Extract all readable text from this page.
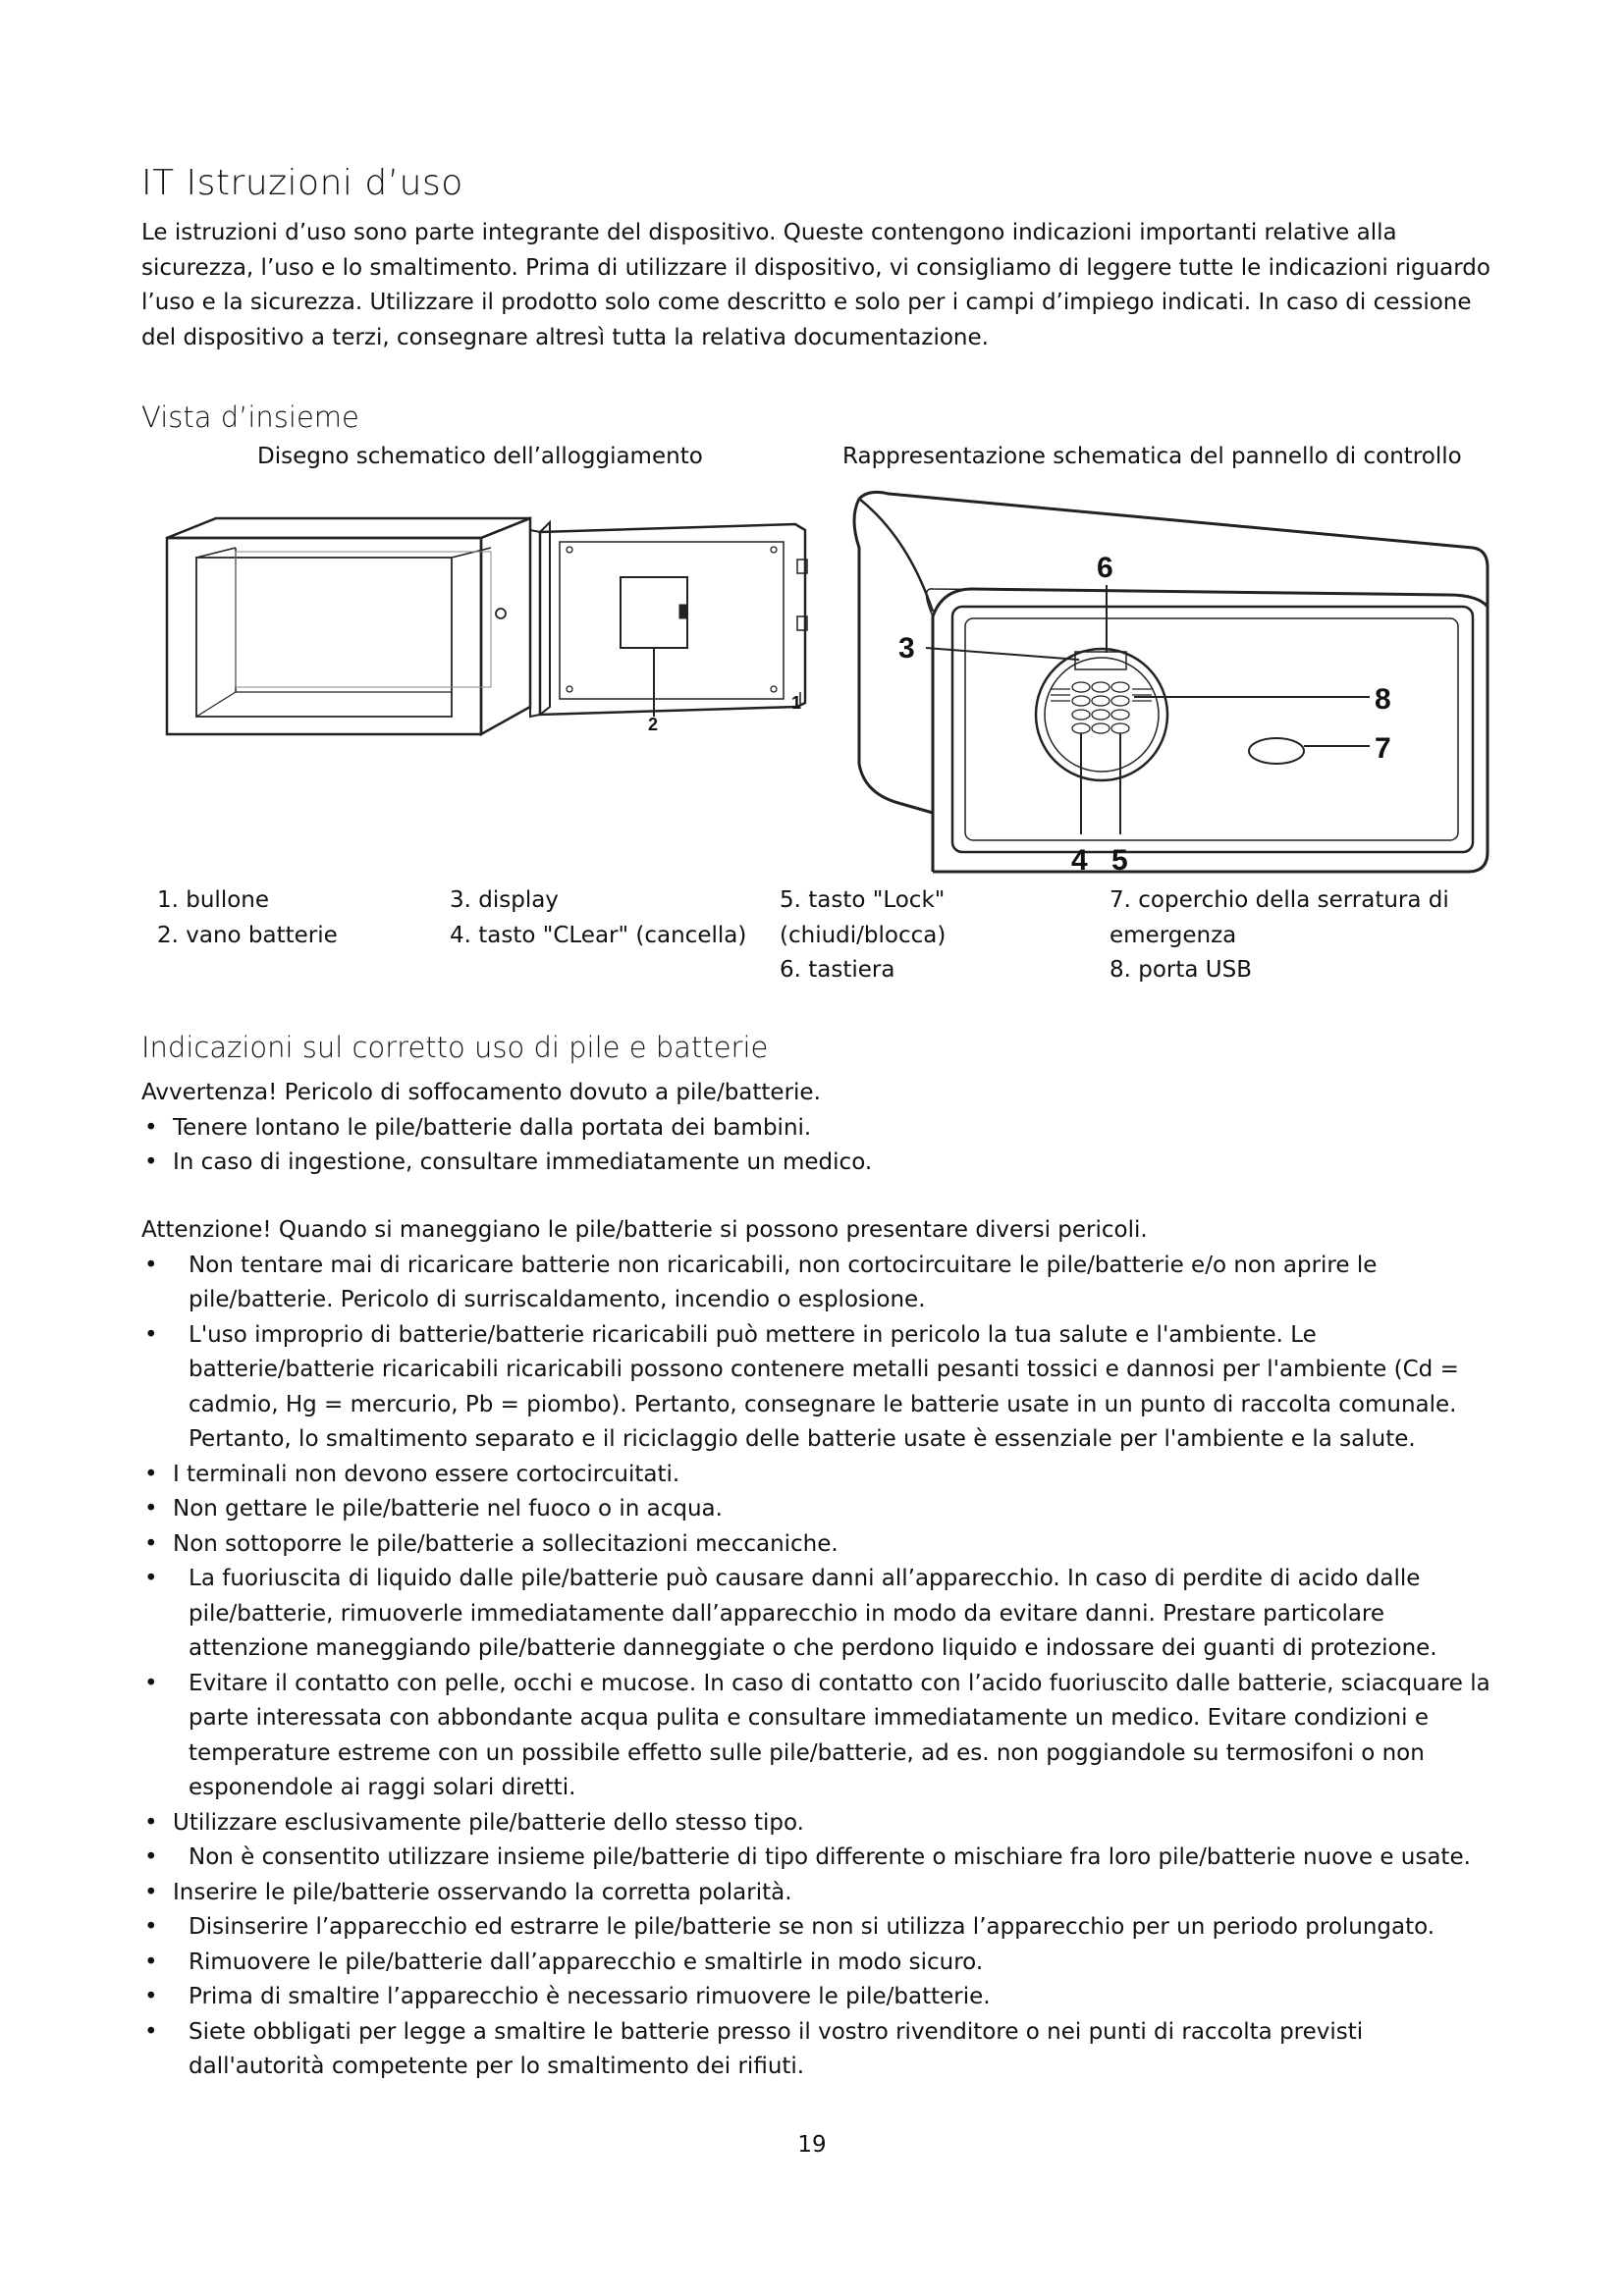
IT Istruzioni d’uso
Le istruzioni d’uso sono parte integrante del dispositivo. Queste contengono indicazioni importanti relative alla sicurezza, l’uso e lo smaltimento. Prima di utilizzare il dispositivo, vi consigliamo di leggere tutte le indicazioni riguardo l’uso e la sicurezza. Utilizzare il prodotto solo come descritto e solo per i campi d’impiego indicati. In caso di cessione del dispositivo a terzi, consegnare altresì tutta la relativa documentazione.
Vista d’insieme
Disegno schematico dell’alloggiamento	Rappresentazione schematica del pannello di controllo
2
1
6
3
8
7
4 5
1. bullone
2. vano batterie
3. display
4. tasto "CLear" (cancella)
5. tasto "Lock"
(chiudi/blocca)
6. tastiera
7. coperchio della serratura di
emergenza
8. porta USB
Indicazioni sul corretto uso di pile e batterie
Avvertenza! Pericolo di soffocamento dovuto a pile/batterie.
• Tenere lontano le pile/batterie dalla portata dei bambini.
• In caso di ingestione, consultare immediatamente un medico.
Attenzione! Quando si maneggiano le pile/batterie si possono presentare diversi pericoli.
• Non tentare mai di ricaricare batterie non ricaricabili, non cortocircuitare le pile/batterie e/o non aprire le pile/batterie. Pericolo di surriscaldamento, incendio o esplosione.
• L'uso improprio di batterie/batterie ricaricabili può mettere in pericolo la tua salute e l'ambiente. Le batterie/batterie ricaricabili ricaricabili possono contenere metalli pesanti tossici e dannosi per l'ambiente (Cd = cadmio, Hg = mercurio, Pb = piombo). Pertanto, consegnare le batterie usate in un punto di raccolta comunale. Pertanto, lo smaltimento separato e il riciclaggio delle batterie usate è essenziale per l'ambiente e la salute.
• I terminali non devono essere cortocircuitati.
• Non gettare le pile/batterie nel fuoco o in acqua.
• Non sottoporre le pile/batterie a sollecitazioni meccaniche.
• La fuoriuscita di liquido dalle pile/batterie può causare danni all’apparecchio. In caso di perdite di acido dalle pile/batterie, rimuoverle immediatamente dall’apparecchio in modo da evitare danni. Prestare particolare attenzione maneggiando pile/batterie danneggiate o che perdono liquido e indossare dei guanti di protezione.
• Evitare il contatto con pelle, occhi e mucose. In caso di contatto con l’acido fuoriuscito dalle batterie, sciacquare la parte interessata con abbondante acqua pulita e consultare immediatamente un medico. Evitare condizioni e temperature estreme con un possibile effetto sulle pile/batterie, ad es. non poggiandole su termosifoni o non esponendole ai raggi solari diretti.
• Utilizzare esclusivamente pile/batterie dello stesso tipo.
• Non è consentito utilizzare insieme pile/batterie di tipo differente o mischiare fra loro pile/batterie nuove e usate.
• Inserire le pile/batterie osservando la corretta polarità.
• Disinserire l’apparecchio ed estrarre le pile/batterie se non si utilizza l’apparecchio per un periodo prolungato.
• Rimuovere le pile/batterie dall’apparecchio e smaltirle in modo sicuro.
• Prima di smaltire l’apparecchio è necessario rimuovere le pile/batterie.
• Siete obbligati per legge a smaltire le batterie presso il vostro rivenditore o nei punti di raccolta previsti dall'autorità competente per lo smaltimento dei rifiuti.
19
